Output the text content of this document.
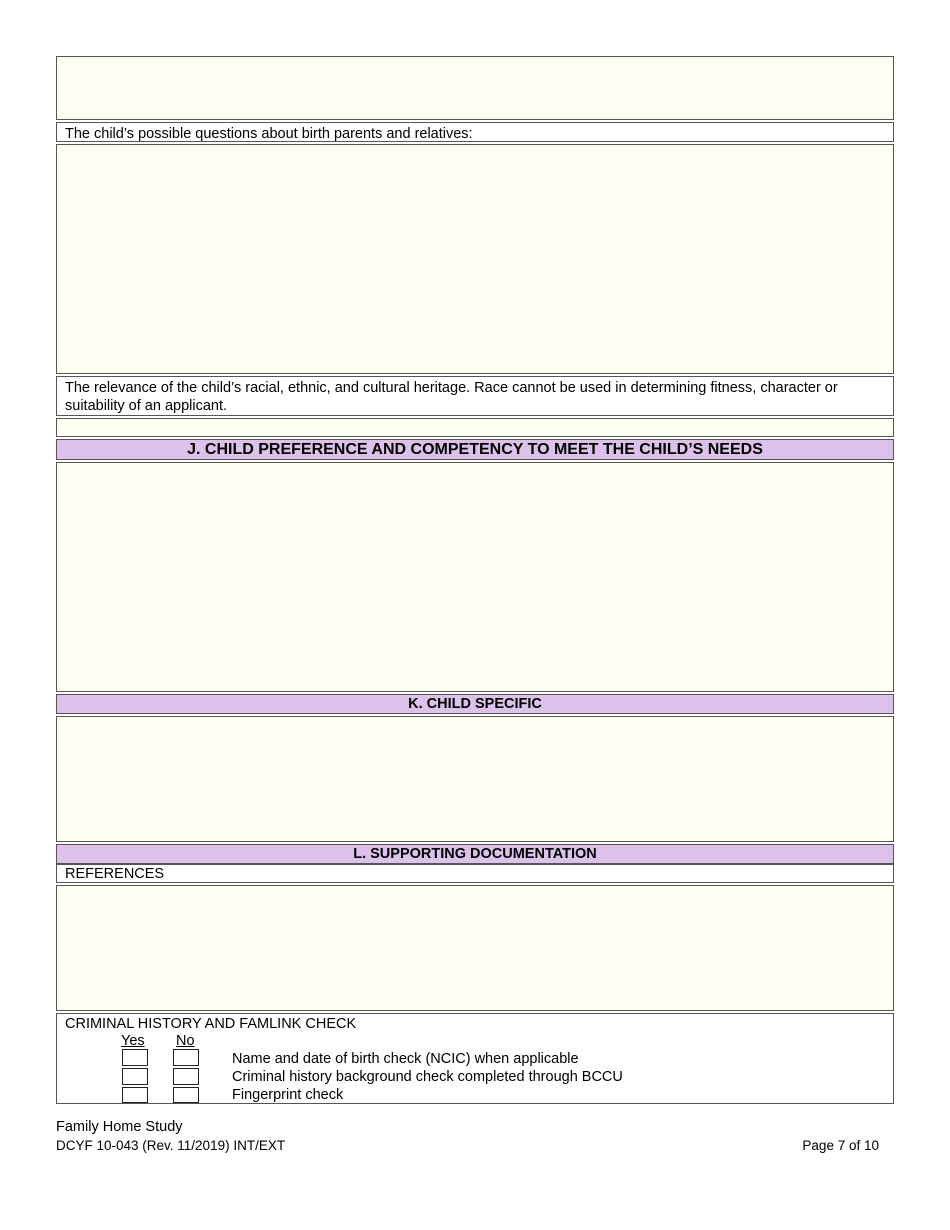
The child’s possible questions about birth parents and relatives:
The relevance of the child’s racial, ethnic, and cultural heritage. Race cannot be used in determining fitness, character or suitability of an applicant.
J. CHILD PREFERENCE AND COMPETENCY TO MEET THE CHILD’S NEEDS
K. CHILD SPECIFIC
L. SUPPORTING DOCUMENTATION
REFERENCES
CRIMINAL HISTORY AND FAMLINK CHECK
Yes No
Name and date of birth check (NCIC) when applicable
Criminal history background check completed through BCCU
Fingerprint check
Family Home Study
DCYF 10-043 (Rev. 11/2019) INT/EXT	Page 7 of 10
